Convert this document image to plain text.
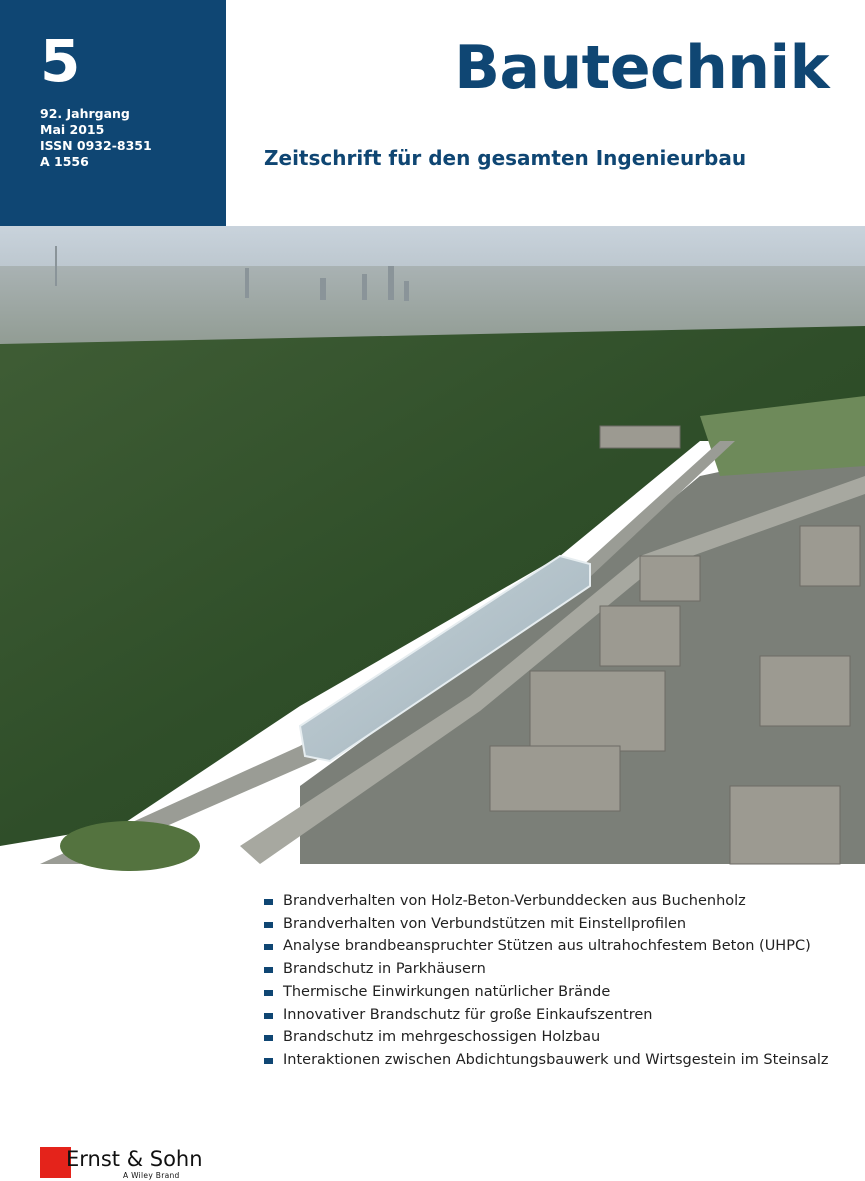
5
92. Jahrgang
Mai 2015
ISSN 0932-8351
A 1556
Bautechnik
Zeitschrift für den gesamten Ingenieurbau
© Euroluftbild.de
Brandverhalten von Holz-Beton-Verbunddecken aus Buchenholz
Brandverhalten von Verbundstützen mit Einstellprofilen
Analyse brandbeanspruchter Stützen aus ultrahochfestem Beton (UHPC)
Brandschutz in Parkhäusern
Thermische Einwirkungen natürlicher Brände
Innovativer Brandschutz für große Einkaufszentren
Brandschutz im mehrgeschossigen Holzbau
Interaktionen zwischen Abdichtungsbauwerk und Wirtsgestein im Steinsalz
Ernst & Sohn
A Wiley Brand
